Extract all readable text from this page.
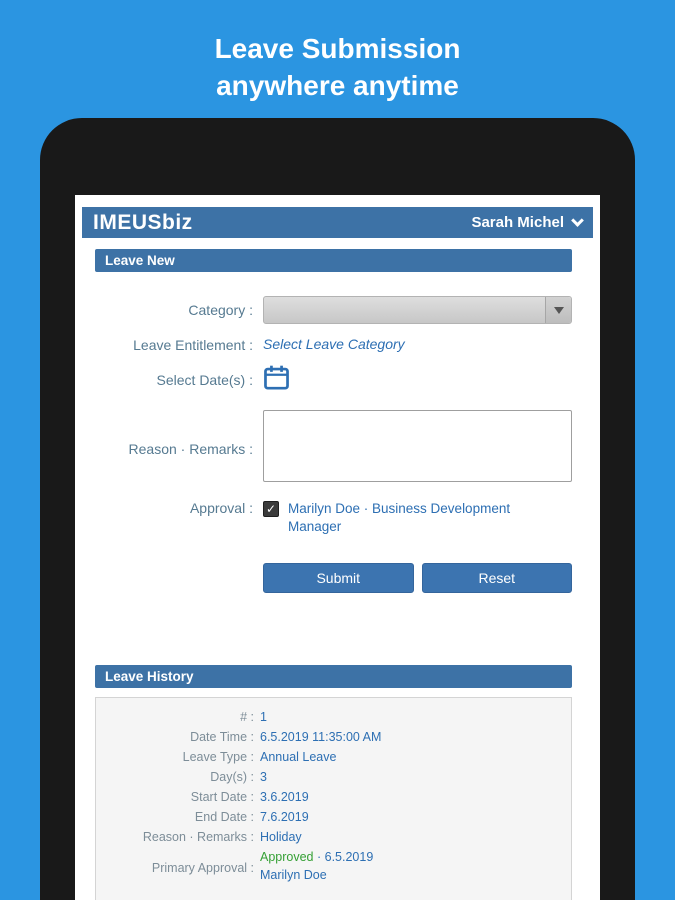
Leave Submission
anywhere anytime
IMEUSbiz	Sarah Michel
Leave New
Category :
Leave Entitlement : Select Leave Category
Select Date(s) :
Reason · Remarks :
Approval : ✓ Marilyn Doe · Business Development Manager
Submit	Reset
Leave History
# : 1
Date Time : 6.5.2019 11:35:00 AM
Leave Type : Annual Leave
Day(s) : 3
Start Date : 3.6.2019
End Date : 7.6.2019
Reason · Remarks : Holiday
Primary Approval :
Approved · 6.5.2019
Marilyn Doe
